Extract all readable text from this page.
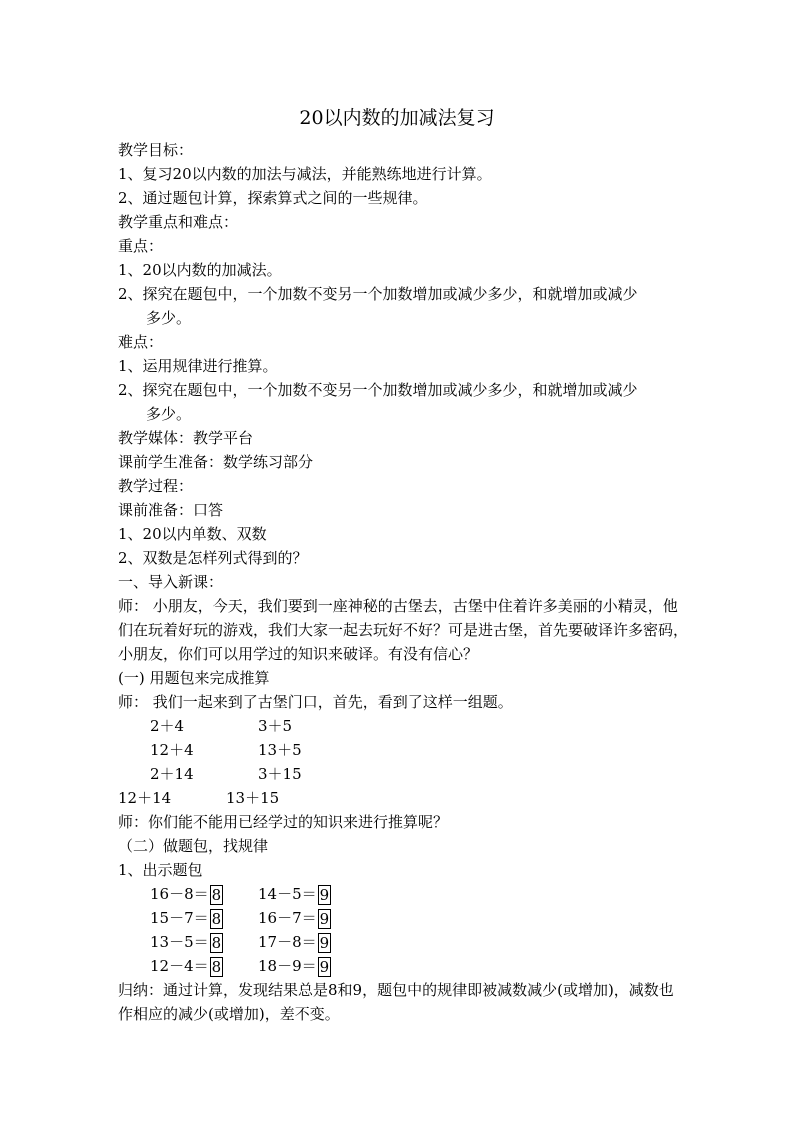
20以内数的加减法复习
教学目标：
1、复习20以内数的加法与减法，并能熟练地进行计算。
2、通过题包计算，探索算式之间的一些规律。
教学重点和难点：
重点：
1、20以内数的加减法。
2、探究在题包中，一个加数不变另一个加数增加或减少多少，和就增加或减少
多少。
难点：
1、运用规律进行推算。
2、探究在题包中，一个加数不变另一个加数增加或减少多少，和就增加或减少
多少。
教学媒体：教学平台
课前学生准备：数学练习部分
教学过程：
课前准备：口答
1、20以内单数、双数
2、双数是怎样列式得到的？
一、导入新课：
师： 小朋友，今天，我们要到一座神秘的古堡去，古堡中住着许多美丽的小精灵，他们在玩着好玩的游戏，我们大家一起去玩好不好？可是进古堡，首先要破译许多密码，小朋友，你们可以用学过的知识来破译。有没有信心？
(一) 用题包来完成推算
师： 我们一起来到了古堡门口，首先，看到了这样一组题。
2＋4	3＋5
12＋4	13＋5
2＋14	3＋15
12＋14	13＋15
师：你们能不能用已经学过的知识来进行推算呢？
（二）做题包，找规律
1、出示题包
16－8＝ 8 14－5＝ 9
15－7＝ 8 16－7＝ 9
13－5＝ 8 17－8＝ 9
12－4＝ 8 18－9＝ 9
归纳：通过计算，发现结果总是8和9，题包中的规律即被减数减少(或增加)，减数也作相应的减少(或增加)，差不变。
